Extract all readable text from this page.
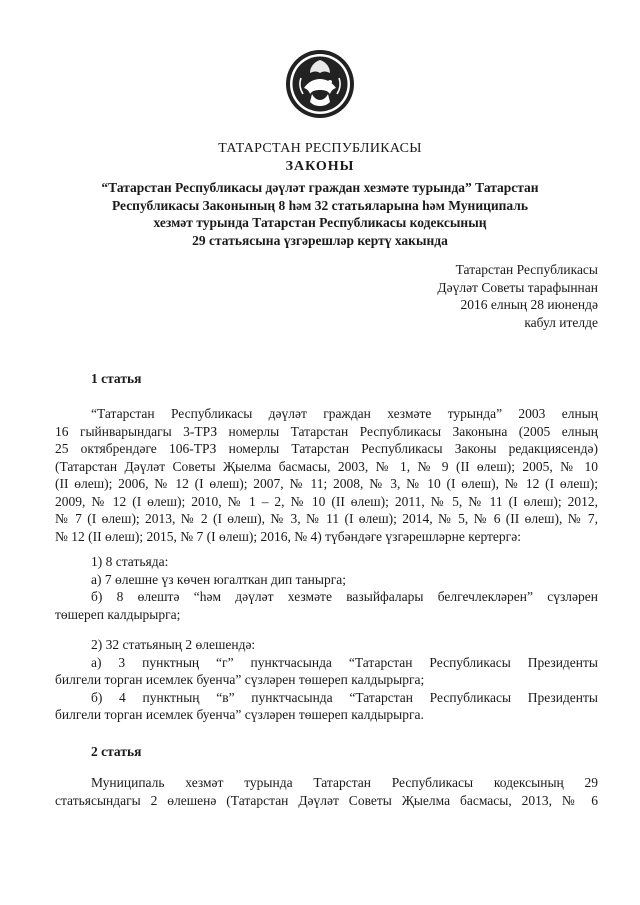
ТАТАРСТАН РЕСПУБЛИКАСЫ
ЗАКОНЫ
“Татарстан Республикасы дәүләт граждан хезмәте турында” Татарстан
Республикасы Законының 8 һәм 32 статьяларына һәм Муниципаль
хезмәт турында Татарстан Республикасы кодексының
29 статьясына үзгәрешләр кертү хакында
Татарстан Республикасы
Дәүләт Советы тарафыннан
2016 елның 28 июнендә
кабул ителде
1 статья
“Татарстан Республикасы дәүләт граждан хезмәте турында” 2003 елның
16 гыйнварындагы 3-ТРЗ номерлы Татарстан Республикасы Законына (2005 елның
25 октябрендәге 106-ТРЗ номерлы Татарстан Республикасы Законы редакциясендә)
(Татарстан Дәүләт Советы Җыелма басмасы, 2003, № 1, № 9 (II өлеш); 2005, № 10
(II өлеш); 2006, № 12 (I өлеш); 2007, № 11; 2008, № 3, № 10 (I өлеш), № 12 (I өлеш);
2009, № 12 (I өлеш); 2010, № 1 – 2, № 10 (II өлеш); 2011, № 5, № 11 (I өлеш); 2012,
№ 7 (I өлеш); 2013, № 2 (I өлеш), № 3, № 11 (I өлеш); 2014, № 5, № 6 (II өлеш), № 7,
№ 12 (II өлеш); 2015, № 7 (I өлеш); 2016, № 4) түбәндәге үзгәрешләрне кертергә:
1) 8 статьяда:
а) 7 өлешне үз көчен югалткан дип танырга;
б) 8 өлештә “һәм дәүләт хезмәте вазыйфалары белгечлекләрен” сүзләрен
төшереп калдырырга;
2) 32 статьяның 2 өлешендә:
а) 3 пунктның “г” пунктчасында “Татарстан Республикасы Президенты
билгели торган исемлек буенча” сүзләрен төшереп калдырырга;
б) 4 пунктның “в” пунктчасында “Татарстан Республикасы Президенты
билгели торган исемлек буенча” сүзләрен төшереп калдырырга.
2 статья
Муниципаль хезмәт турында Татарстан Республикасы кодексының 29
статьясындагы 2 өлешенә (Татарстан Дәүләт Советы Җыелма басмасы, 2013, № 6
